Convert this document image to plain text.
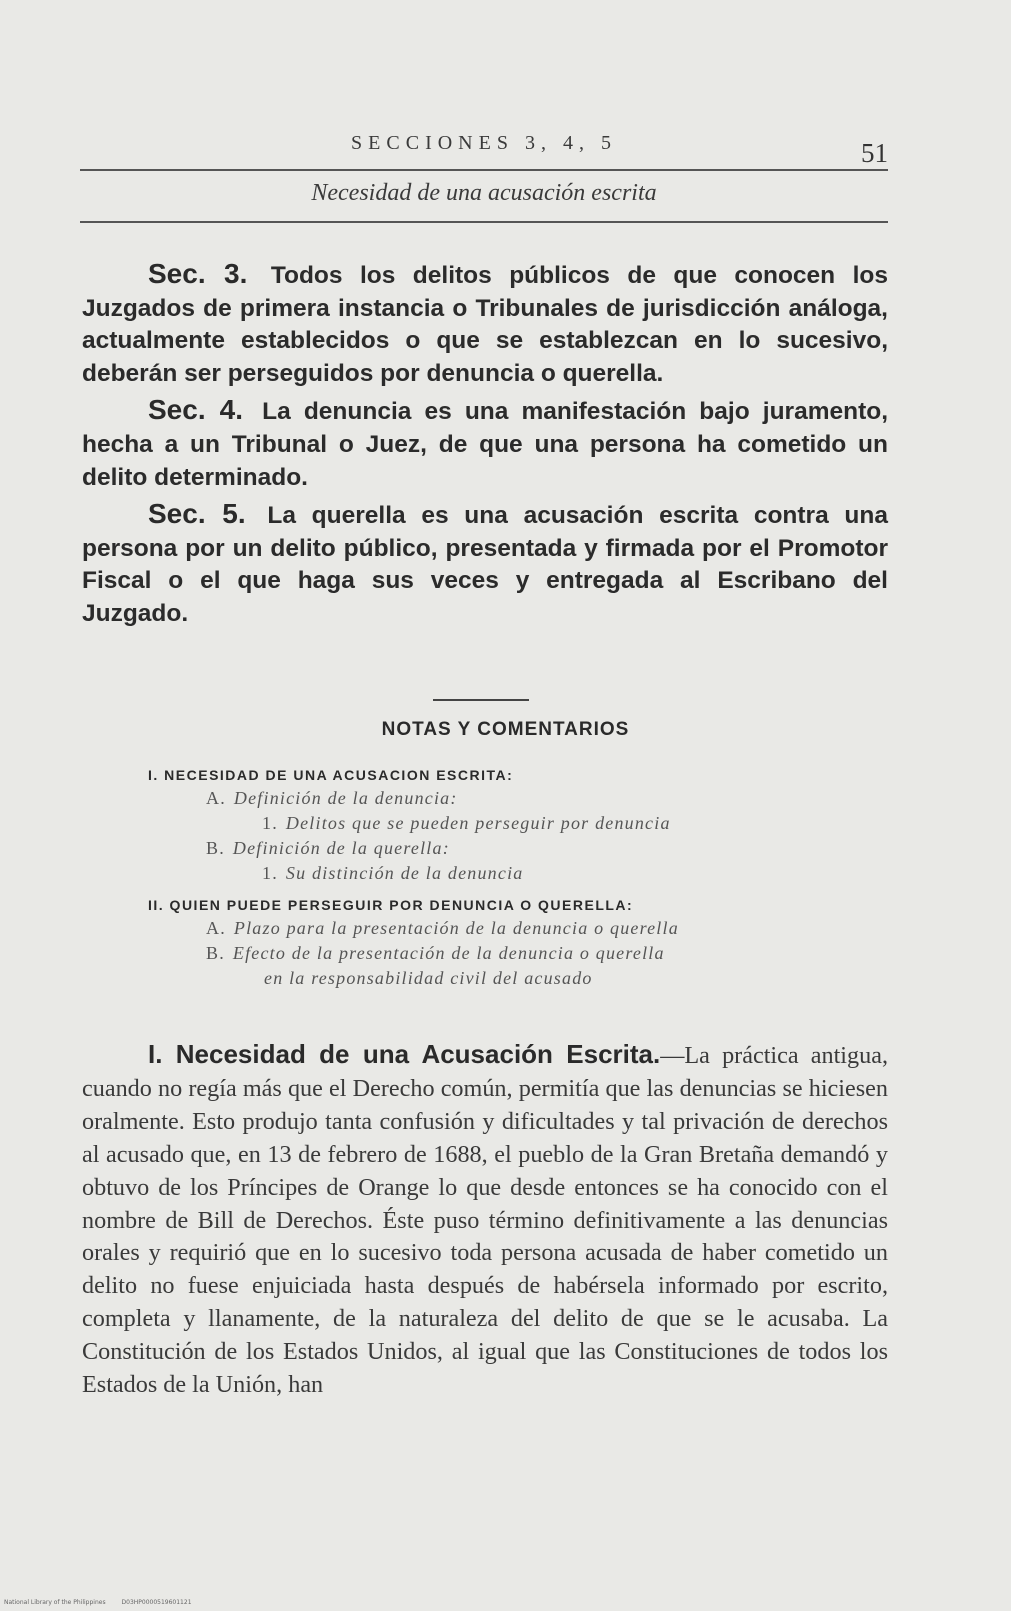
SECCIONES 3, 4, 5	51
Necesidad de una acusación escrita

Sec. 3. Todos los delitos públicos de que conocen los Juzgados de primera instancia o Tribunales de jurisdicción análoga, actualmente establecidos o que se establezcan en lo sucesivo, deberán ser perseguidos por denuncia o querella.

Sec. 4. La denuncia es una manifestación bajo juramento, hecha a un Tribunal o Juez, de que una persona ha cometido un delito determinado.

Sec. 5. La querella es una acusación escrita contra una persona por un delito público, presentada y firmada por el Promotor Fiscal o el que haga sus veces y entregada al Escribano del Juzgado.

NOTAS Y COMENTARIOS
I. NECESIDAD DE UNA ACUSACION ESCRITA:
A. Definición de la denuncia:
1. Delitos que se pueden perseguir por denuncia
B. Definición de la querella:
1. Su distinción de la denuncia
II. QUIEN PUEDE PERSEGUIR POR DENUNCIA O QUERELLA:
A. Plazo para la presentación de la denuncia o querella
B. Efecto de la presentación de la denuncia o querella
en la responsabilidad civil del acusado
I. Necesidad de una Acusación Escrita.—La práctica antigua, cuando no regía más que el Derecho común, permitía que las denuncias se hiciesen oralmente. Esto produjo tanta confusión y dificultades y tal privación de derechos al acusado que, en 13 de febrero de 1688, el pueblo de la Gran Bretaña demandó y obtuvo de los Príncipes de Orange lo que desde entonces se ha conocido con el nombre de Bill de Derechos. Éste puso término definitivamente a las denuncias orales y requirió que en lo sucesivo toda persona acusada de haber cometido un delito no fuese enjuiciada hasta después de habérsela informado por escrito, completa y llanamente, de la naturaleza del delito de que se le acusaba. La Constitución de los Estados Unidos, al igual que las Constituciones de todos los Estados de la Unión, han
National Library of the Philippines	D03HP0000519601121
